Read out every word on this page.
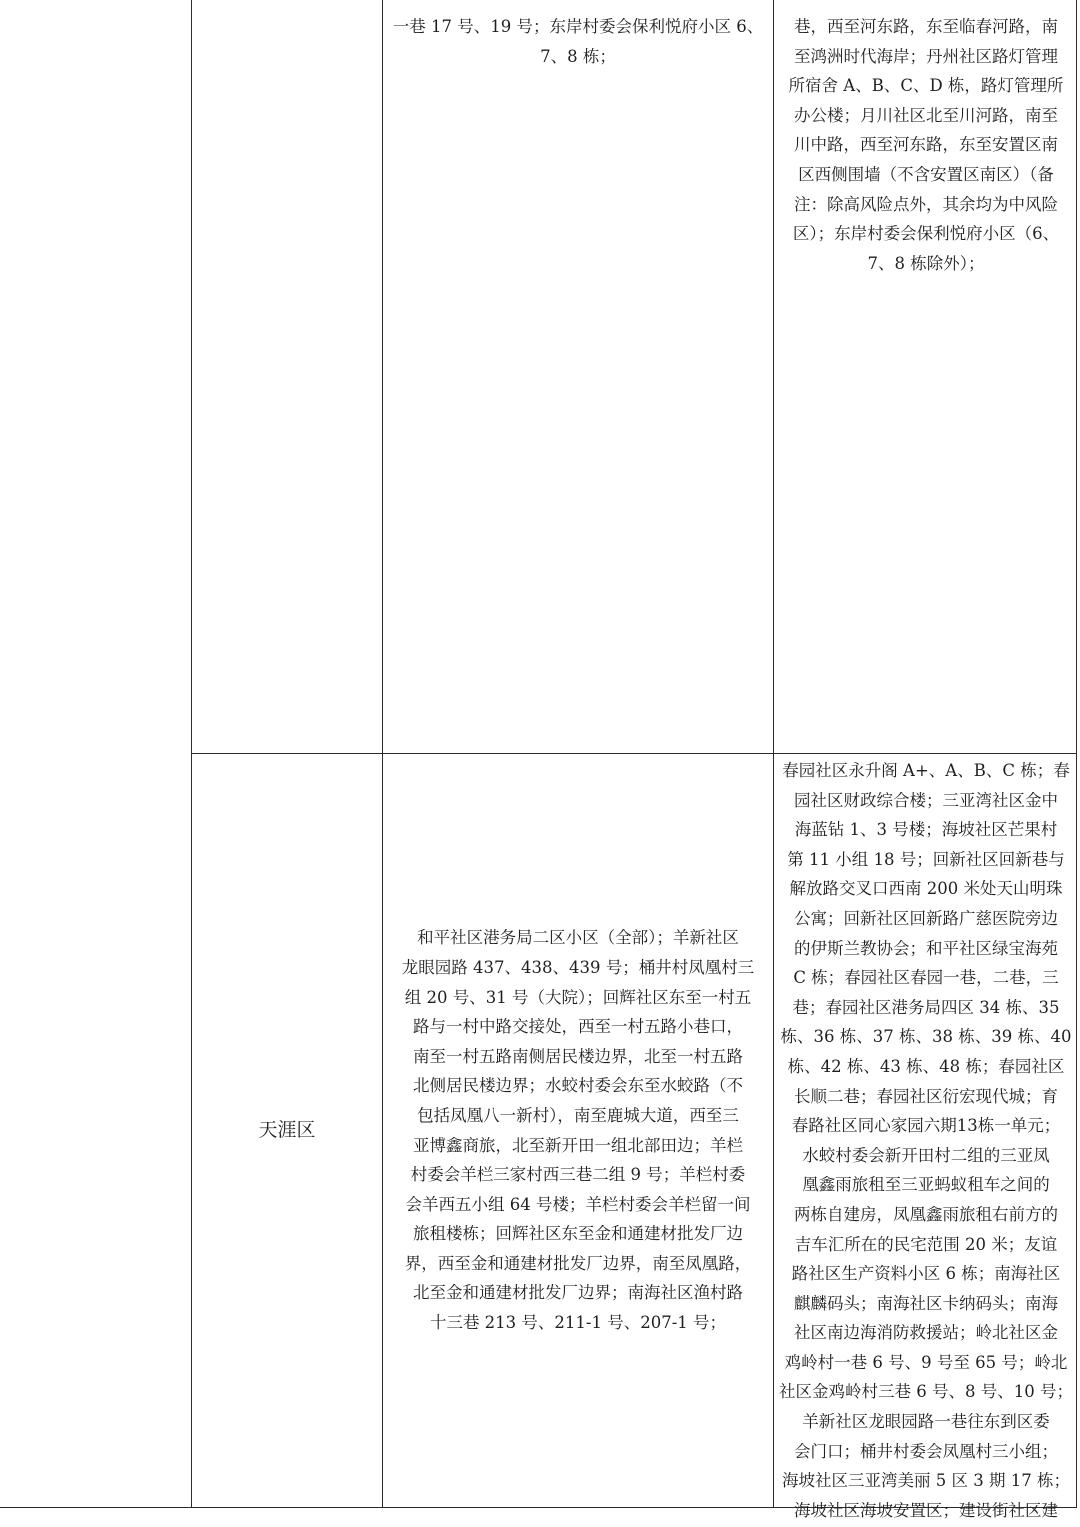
一巷 17 号、19 号；东岸村委会保利悦府小区 6、
7、8 栋；
巷，西至河东路，东至临春河路，南
至鸿洲时代海岸；丹州社区路灯管理
所宿舍 A、B、C、D 栋，路灯管理所
办公楼；月川社区北至川河路，南至
川中路，西至河东路，东至安置区南
区西侧围墙（不含安置区南区）（备
注：除高风险点外，其余均为中风险
区）；东岸村委会保利悦府小区（6、
7、8 栋除外）；
天涯区
和平社区港务局二区小区（全部）；羊新社区
龙眼园路 437、438、439 号；桶井村凤凰村三
组 20 号、31 号（大院）；回辉社区东至一村五
路与一村中路交接处，西至一村五路小巷口，
南至一村五路南侧居民楼边界，北至一村五路
北侧居民楼边界；水蛟村委会东至水蛟路（不
包括凤凰八一新村），南至鹿城大道，西至三
亚博鑫商旅，北至新开田一组北部田边；羊栏
村委会羊栏三家村西三巷二组 9 号；羊栏村委
会羊西五小组 64 号楼；羊栏村委会羊栏留一间
旅租楼栋；回辉社区东至金和通建材批发厂边
界，西至金和通建材批发厂边界，南至凤凰路，
北至金和通建材批发厂边界；南海社区渔村路
十三巷 213 号、211-1 号、207-1 号；
春园社区永升阁 A+、A、B、C 栋；春
园社区财政综合楼；三亚湾社区金中
海蓝钻 1、3 号楼；海坡社区芒果村
第 11 小组 18 号；回新社区回新巷与
解放路交叉口西南 200 米处天山明珠
公寓；回新社区回新路广慈医院旁边
的伊斯兰教协会；和平社区绿宝海苑
C 栋；春园社区春园一巷，二巷，三
巷；春园社区港务局四区 34 栋、35
栋、36 栋、37 栋、38 栋、39 栋、40
栋、42 栋、43 栋、48 栋；春园社区
长顺二巷；春园社区衍宏现代城；育
春路社区同心家园六期13栋一单元；
水蛟村委会新开田村二组的三亚凤
凰鑫雨旅租至三亚蚂蚁租车之间的
两栋自建房，凤凰鑫雨旅租右前方的
吉车汇所在的民宅范围 20 米；友谊
路社区生产资料小区 6 栋；南海社区
麒麟码头；南海社区卡纳码头；南海
社区南边海消防救援站；岭北社区金
鸡岭村一巷 6 号、9 号至 65 号；岭北
社区金鸡岭村三巷 6 号、8 号、10 号；
羊新社区龙眼园路一巷往东到区委
会门口；桶井村委会凤凰村三小组；
海坡社区三亚湾美丽 5 区 3 期 17 栋；
海坡社区海坡安置区；建设街社区建
